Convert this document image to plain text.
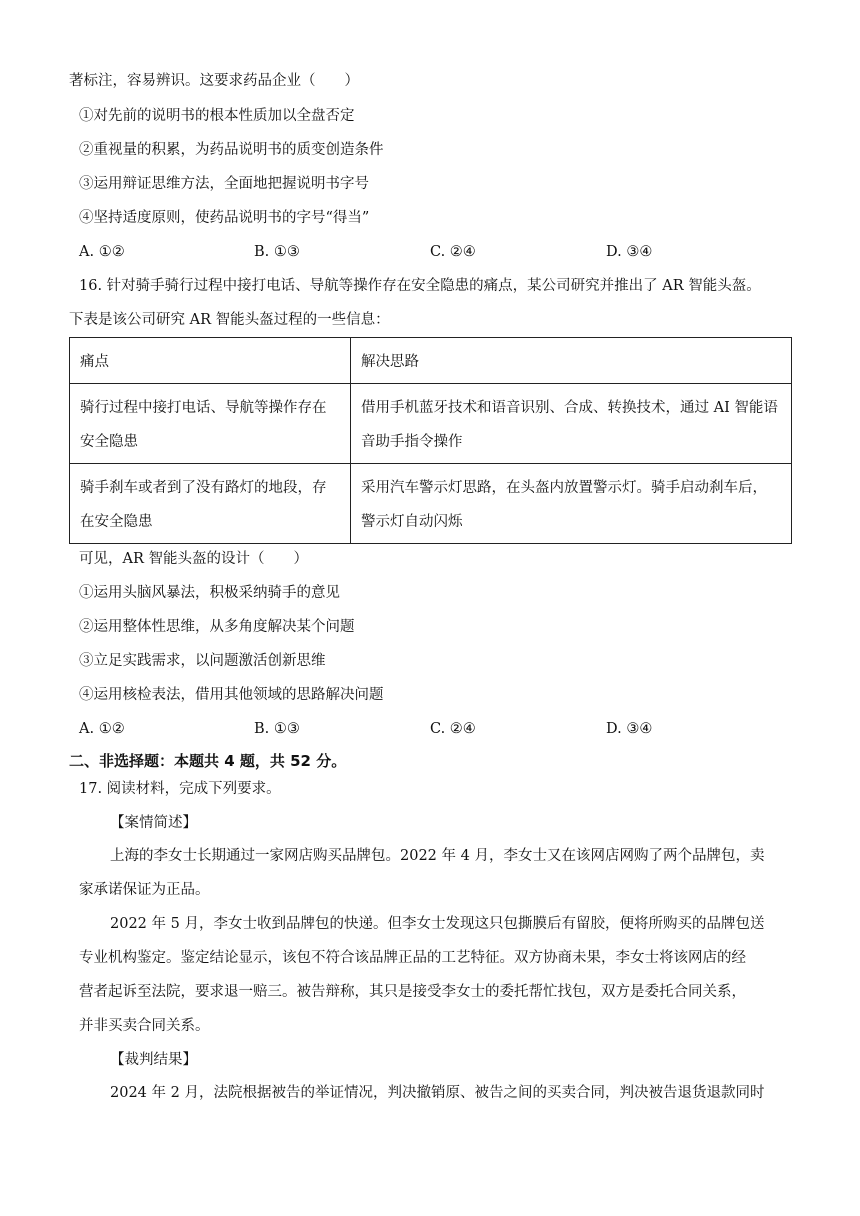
著标注，容易辨识。这要求药品企业（　　）
①对先前的说明书的根本性质加以全盘否定
②重视量的积累，为药品说明书的质变创造条件
③运用辩证思维方法，全面地把握说明书字号
④坚持适度原则，使药品说明书的字号“得当”
A. ①②	B. ①③	C. ②④	D. ③④
16. 针对骑手骑行过程中接打电话、导航等操作存在安全隐患的痛点，某公司研究并推出了 AR 智能头盔。
下表是该公司研究 AR 智能头盔过程的一些信息：
痛点	解决思路
骑行过程中接打电话、导航等操作存在安全隐患	借用手机蓝牙技术和语音识别、合成、转换技术，通过 AI 智能语音助手指令操作
骑手刹车或者到了没有路灯的地段，存在安全隐患	采用汽车警示灯思路，在头盔内放置警示灯。骑手启动刹车后，警示灯自动闪烁
可见，AR 智能头盔的设计（　　）
①运用头脑风暴法，积极采纳骑手的意见
②运用整体性思维，从多角度解决某个问题
③立足实践需求，以问题激活创新思维
④运用核检表法，借用其他领域的思路解决问题
A. ①②	B. ①③	C. ②④	D. ③④
二、非选择题：本题共 4 题，共 52 分。
17. 阅读材料，完成下列要求。
【案情简述】
上海的李女士长期通过一家网店购买品牌包。2022 年 4 月，李女士又在该网店网购了两个品牌包，卖
家承诺保证为正品。
2022 年 5 月，李女士收到品牌包的快递。但李女士发现这只包撕膜后有留胶，便将所购买的品牌包送
专业机构鉴定。鉴定结论显示，该包不符合该品牌正品的工艺特征。双方协商未果，李女士将该网店的经
营者起诉至法院，要求退一赔三。被告辩称，其只是接受李女士的委托帮忙找包，双方是委托合同关系，
并非买卖合同关系。
【裁判结果】
2024 年 2 月，法院根据被告的举证情况，判决撤销原、被告之间的买卖合同，判决被告退货退款同时
